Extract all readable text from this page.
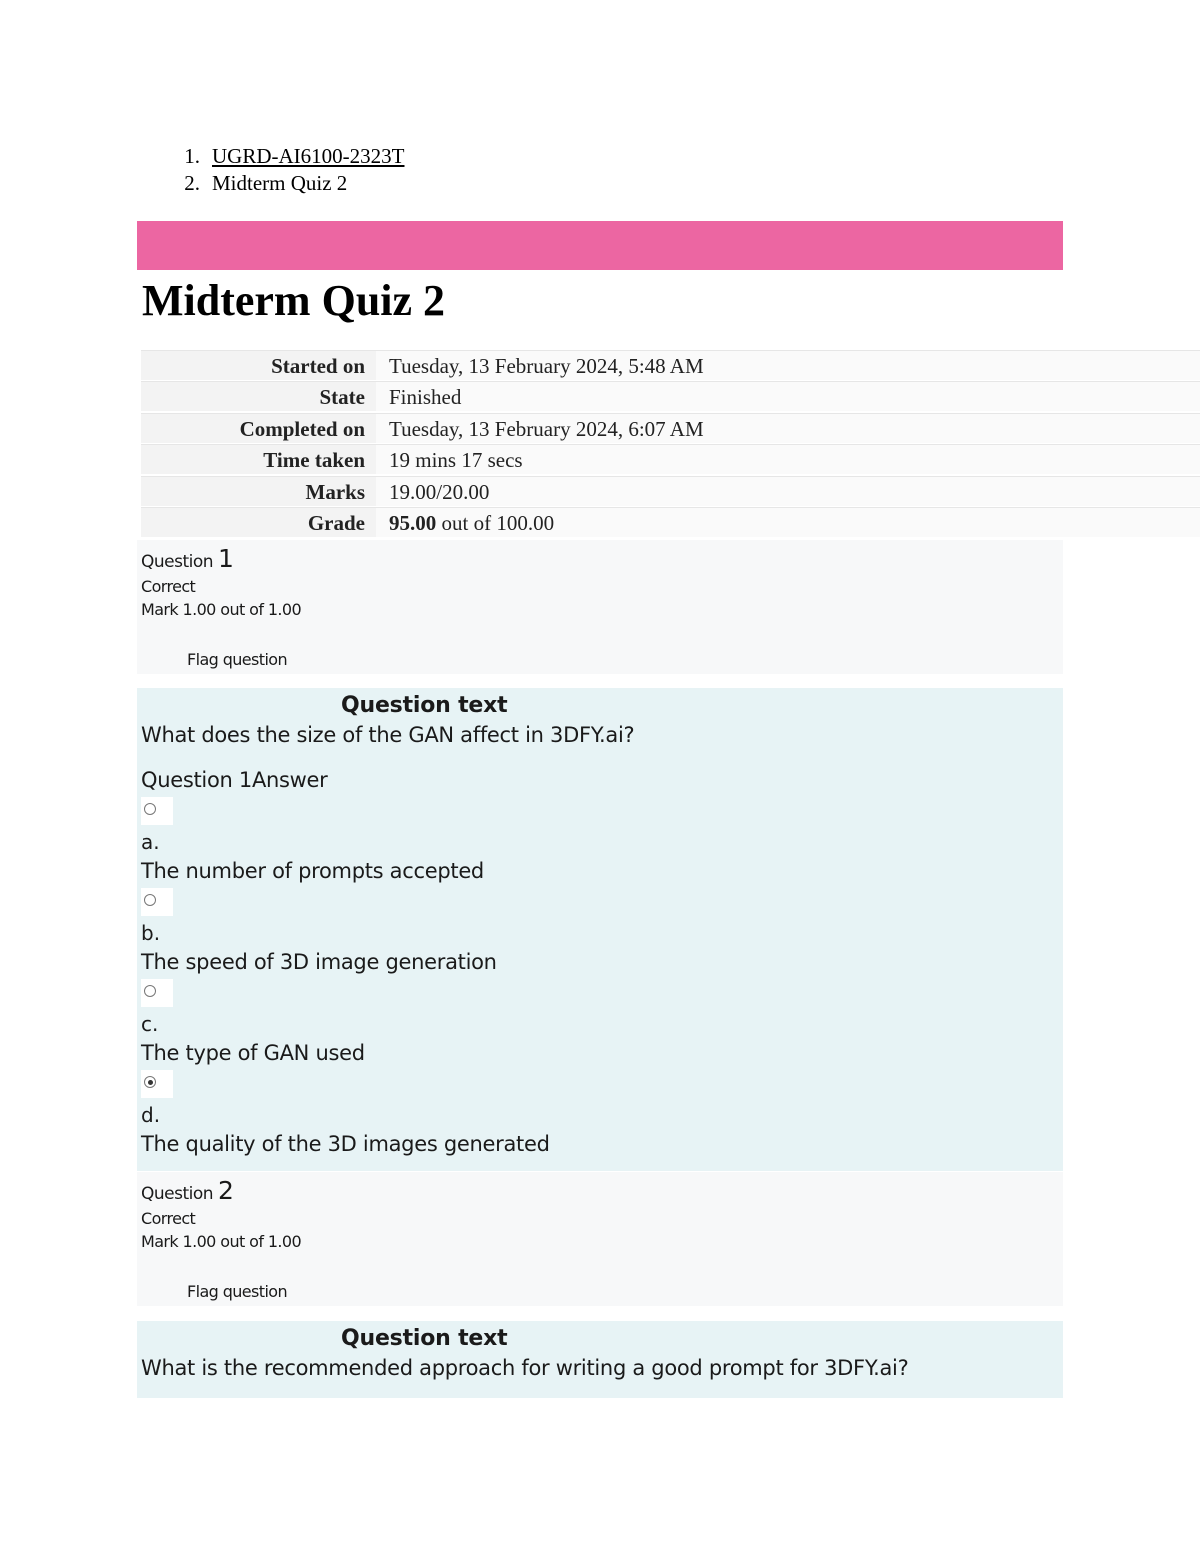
1. UGRD-AI6100-2323T
2. Midterm Quiz 2
Midterm Quiz 2
Started on	Tuesday, 13 February 2024, 5:48 AM
State	Finished
Completed on	Tuesday, 13 February 2024, 6:07 AM
Time taken	19 mins 17 secs
Marks	19.00/20.00
Grade	95.00 out of 100.00
Question 1
Correct
Mark 1.00 out of 1.00
Flag question
Question text
What does the size of the GAN affect in 3DFY.ai?
Question 1Answer
a.
The number of prompts accepted
b.
The speed of 3D image generation
c.
The type of GAN used
d.
The quality of the 3D images generated
Question 2
Correct
Mark 1.00 out of 1.00
Flag question
Question text
What is the recommended approach for writing a good prompt for 3DFY.ai?
